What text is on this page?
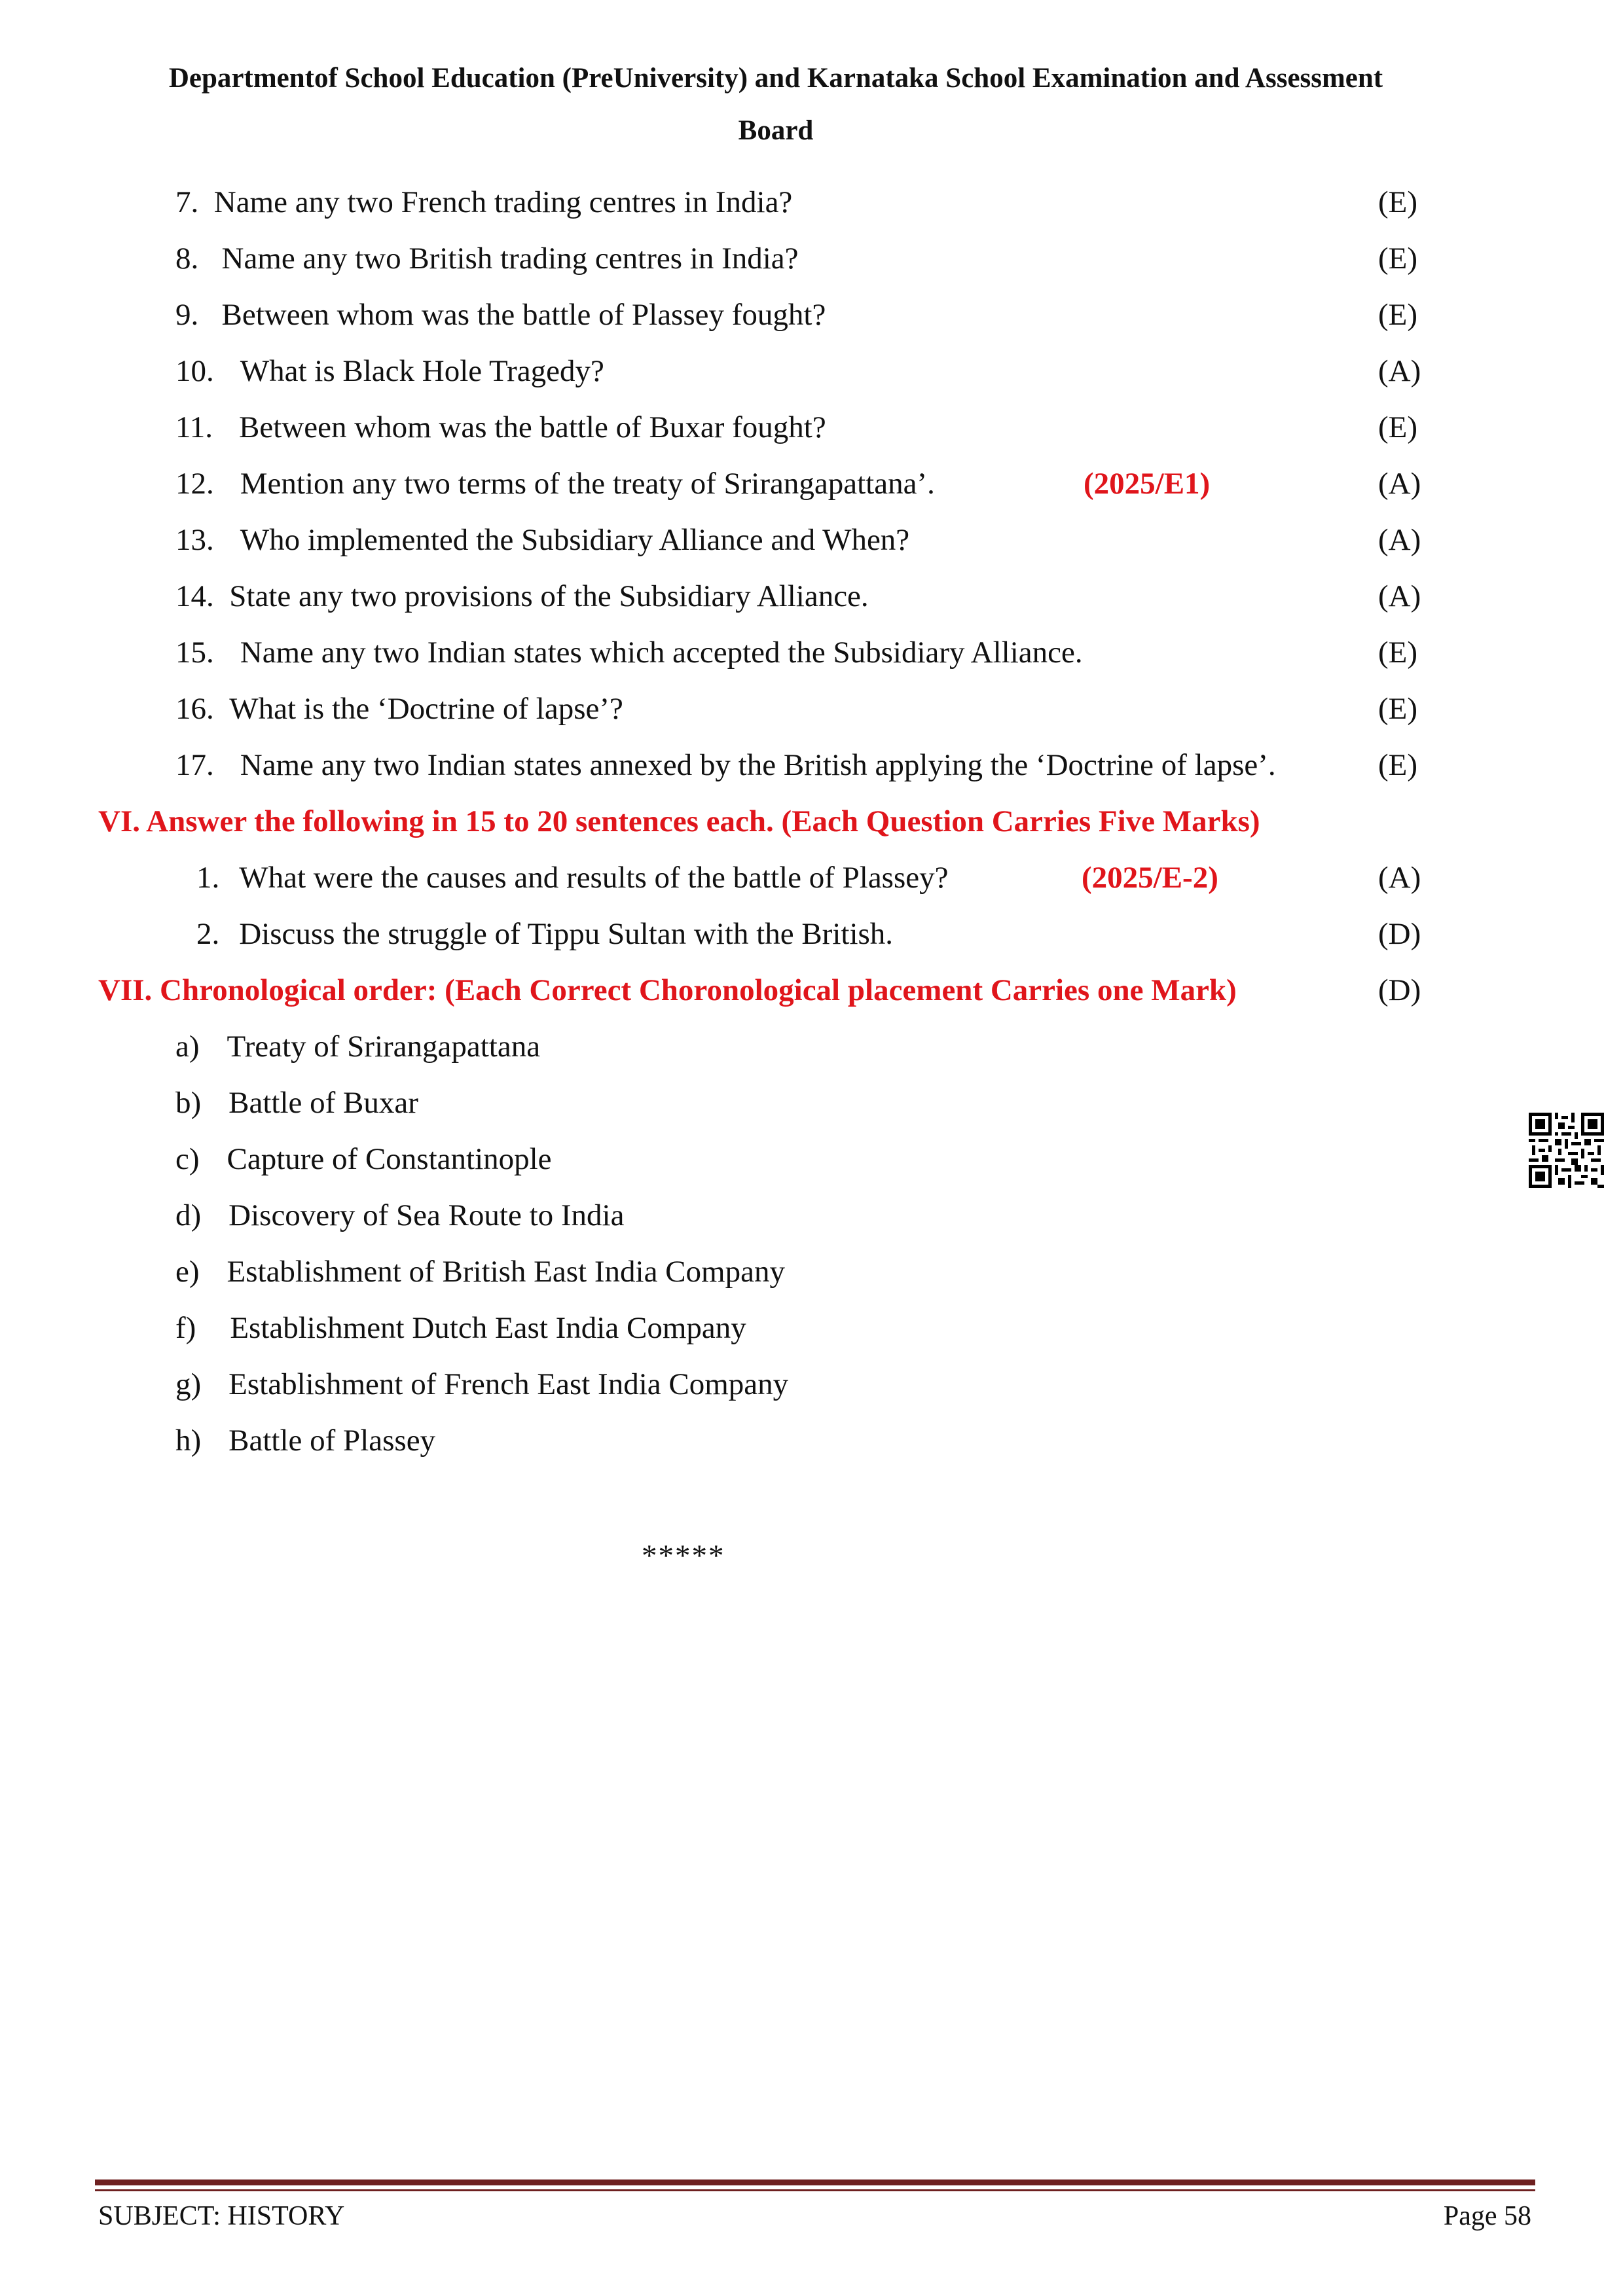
Departmentof School Education (PreUniversity) and Karnataka School Examination and Assessment
Board
7. Name any two French trading centres in India?	(E)
8. Name any two British trading centres in India?	(E)
9. Between whom was the battle of Plassey fought?	(E)
10. What is Black Hole Tragedy?	(A)
11. Between whom was the battle of Buxar fought?	(E)
12. Mention any two terms of the treaty of Srirangapattana’.	(2025/E1)	(A)
13. Who implemented the Subsidiary Alliance and When?	(A)
14. State any two provisions of the Subsidiary Alliance.	(A)
15. Name any two Indian states which accepted the Subsidiary Alliance.	(E)
16. What is the ‘Doctrine of lapse’?	(E)
17. Name any two Indian states annexed by the British applying the ‘Doctrine of lapse’.	(E)
VI. Answer the following in 15 to 20 sentences each. (Each Question Carries Five Marks)
1. What were the causes and results of the battle of Plassey?	(2025/E-2)	(A)
2. Discuss the struggle of Tippu Sultan with the British.	(D)
VII. Chronological order: (Each Correct Choronological placement Carries one Mark)	(D)
a) Treaty of Srirangapattana
b) Battle of Buxar
c) Capture of Constantinople
d) Discovery of Sea Route to India
e) Establishment of British East India Company
f) Establishment Dutch East India Company
g) Establishment of French East India Company
h) Battle of Plassey
*****
SUBJECT: HISTORY	Page 58
